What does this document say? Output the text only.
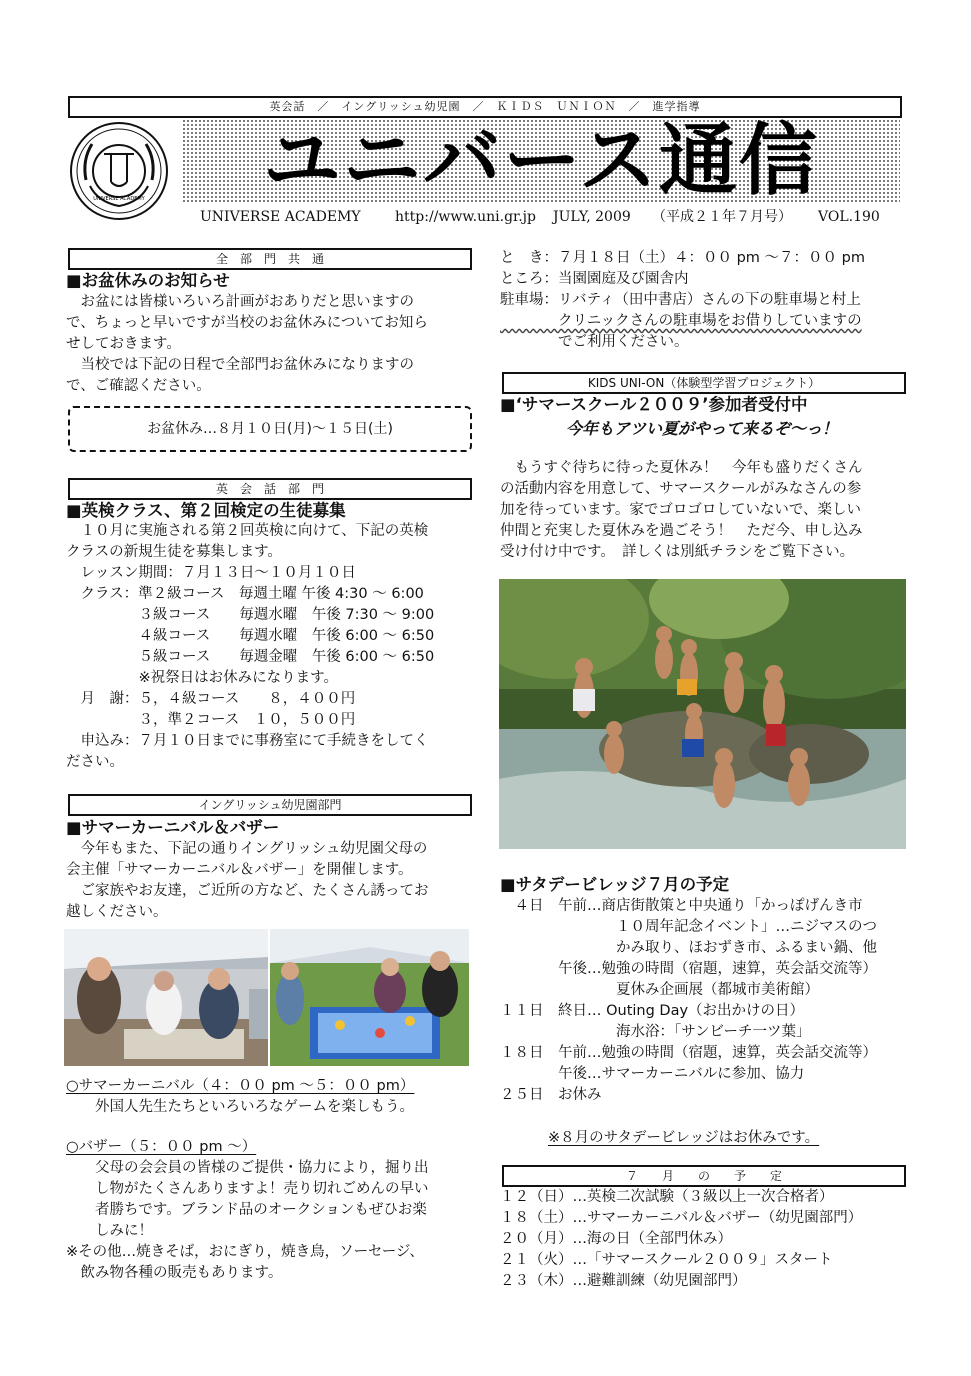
英会話　／　イングリッシュ幼児園　／　ＫＩＤＳ　ＵＮＩＯＮ　／　進学指導
ユニバース通信
UNIVERSE ACADEMY
UNIVERSE ACADEMY http://www.uni.gr.jp JULY, 2009 （平成２１年７月号） VOL.190
全　部　門　共　通
■お盆休みのお知らせ
　お盆には皆様いろいろ計画がおありだと思いますの
で、ちょっと早いですが当校のお盆休みについてお知ら
せしておきます。
　当校では下記の日程で全部門お盆休みになりますの
で、ご確認ください。
お盆休み…８月１０日(月)～１５日(土)
英　会　話　部　門
■英検クラス、第２回検定の生徒募集
　１０月に実施される第２回英検に向けて、下記の英検
クラスの新規生徒を募集します。
　レッスン期間：７月１３日～１０月１０日
　クラス：準２級コース　毎週土曜 午後 4:30 ～ 6:00
　　　　　３級コース　　毎週水曜　午後 7:30 ～ 9:00
　　　　　４級コース　　毎週水曜　午後 6:00 ～ 6:50
　　　　　５級コース　　毎週金曜　午後 6:00 ～ 6:50
　　　　　※祝祭日はお休みになります。
　月　謝：５，４級コース　　８，４００円
　　　　　３，準２コース　１０，５００円
　申込み：７月１０日までに事務室にて手続きをしてく
ださい。
イングリッシュ幼児園部門
■サマーカーニバル＆バザー
　今年もまた、下記の通りイングリッシュ幼児園父母の
会主催「サマーカーニバル＆バザー」を開催します。
　ご家族やお友達，ご近所の方など、たくさん誘ってお
越しください。
○サマーカーニバル（４：００ pm ～５：００ pm）
　　外国人先生たちといろいろなゲームを楽しもう。
○バザー（５：００ pm ～）
　　父母の会会員の皆様のご提供・協力により，掘り出
　　し物がたくさんありますよ！売り切れごめんの早い
　　者勝ちです。ブランド品のオークションもぜひお楽
　　しみに！
※その他…焼きそば，おにぎり，焼き鳥，ソーセージ、
　飲み物各種の販売もあります。
と　き：７月１８日（土）４：００ pm ～７：００ pm
ところ：当園園庭及び園舎内
駐車場：リバティ（田中書店）さんの下の駐車場と村上
　　　　クリニックさんの駐車場をお借りしていますの
　　　　でご利用ください。
KIDS UNI-ON（体験型学習プロジェクト）
■‘サマースクール２００９’参加者受付中
今年もアツい夏がやって来るぞ～っ！
　もうすぐ待ちに待った夏休み！　今年も盛りだくさん
の活動内容を用意して、サマースクールがみなさんの参
加を待っています。家でゴロゴロしていないで、楽しい
仲間と充実した夏休みを過ごそう！　ただ今、申し込み
受け付け中です。　詳しくは別紙チラシをご覧下さい。
■サタデービレッジ７月の予定
　４日　午前…商店街散策と中央通り「かっぽげんき市
　　　　　　　　１０周年記念イベント」…ニジマスのつ
　　　　　　　　かみ取り、ほおずき市、ふるまい鍋、他
　　　　午後…勉強の時間（宿題，速算，英会話交流等）
　　　　　　　　夏休み企画展（都城市美術館）
１１日　終日… Outing Day（お出かけの日）
　　　　　　　　海水浴：「サンビーチ一ツ葉」
１８日　午前…勉強の時間（宿題，速算，英会話交流等）
　　　　午後…サマーカーニバルに参加、協力
２５日　お休み
※８月のサタデービレッジはお休みです。
７　　月　　の　　予　　定
１２（日）…英検二次試験（３級以上一次合格者）
１８（土）…サマーカーニバル＆バザー（幼児園部門）
２０（月）…海の日（全部門休み）
２１（火）…「サマースクール２００９」スタート
２３（木）…避難訓練（幼児園部門）
